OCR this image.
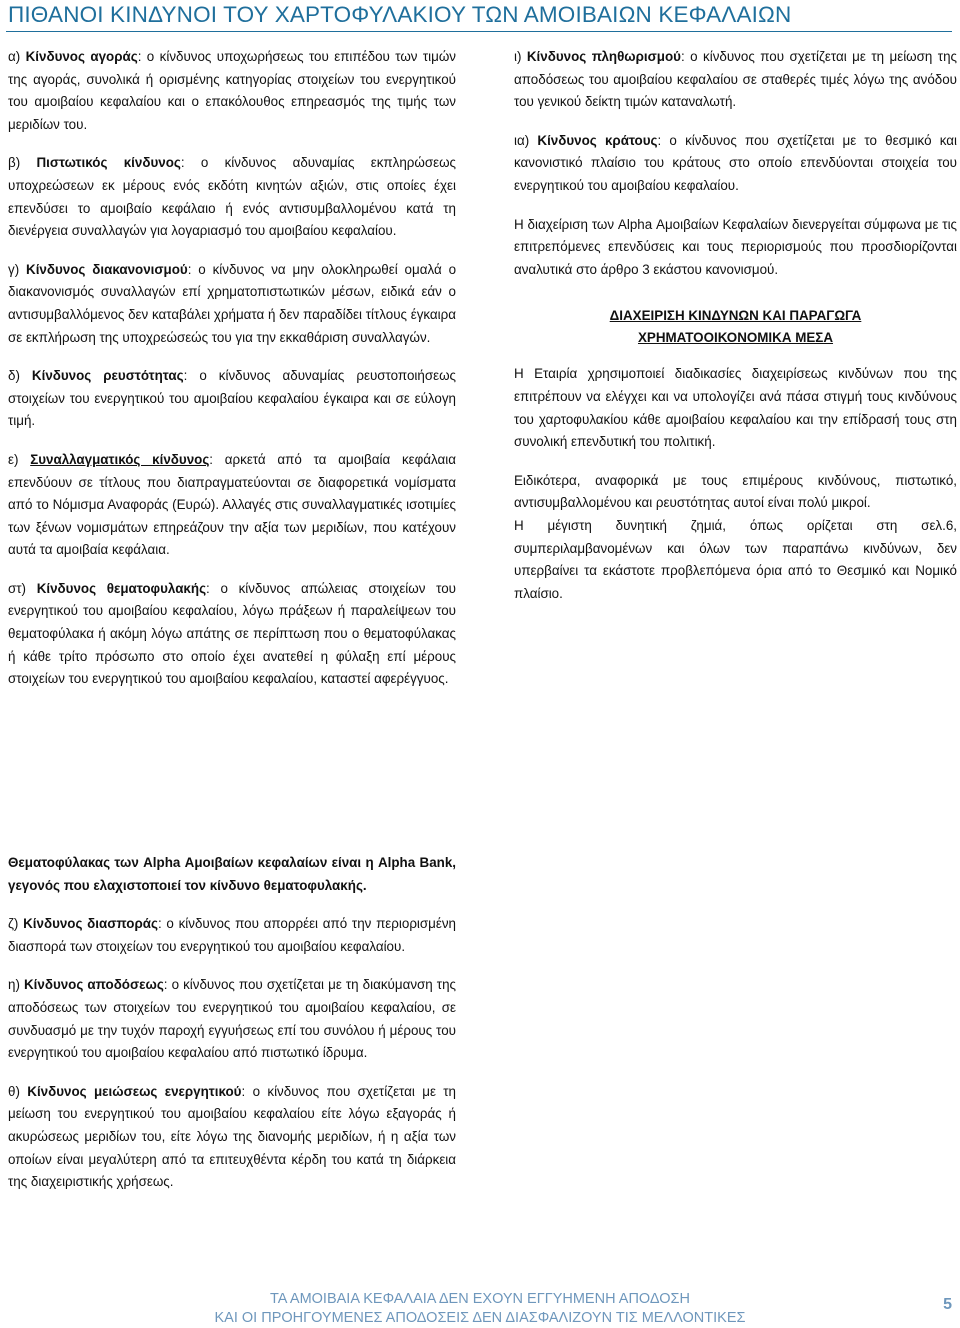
ΠΙΘΑΝΟΙ ΚΙΝΔΥΝΟΙ ΤΟΥ ΧΑΡΤΟΦΥΛΑΚΙΟΥ ΤΩΝ ΑΜΟΙΒΑΙΩΝ ΚΕΦΑΛΑΙΩΝ

α) Κίνδυνος αγοράς: ο κίνδυνος υποχωρήσεως του επιπέδου των τιμών της αγοράς, συνολικά ή ορισμένης κατηγορίας στοιχείων του ενεργητικού του αμοιβαίου κεφαλαίου και ο επακόλουθος επηρεασμός της τιμής των μεριδίων του.

β) Πιστωτικός κίνδυνος: ο κίνδυνος αδυναμίας εκπληρώσεως υποχρεώσεων εκ μέρους ενός εκδότη κινητών αξιών, στις οποίες έχει επενδύσει το αμοιβαίο κεφάλαιο ή ενός αντισυμβαλλομένου κατά τη διενέργεια συναλλαγών για λογαριασμό του αμοιβαίου κεφαλαίου.

γ) Κίνδυνος διακανονισμού: ο κίνδυνος να μην ολοκληρωθεί ομαλά ο διακανονισμός συναλλαγών επί χρηματοπιστωτικών μέσων, ειδικά εάν ο αντισυμβαλλόμενος δεν καταβάλει χρήματα ή δεν παραδίδει τίτλους έγκαιρα σε εκπλήρωση της υποχρεώσεώς του για την εκκαθάριση συναλλαγών.

δ) Κίνδυνος ρευστότητας: ο κίνδυνος αδυναμίας ρευστοποιήσεως στοιχείων του ενεργητικού του αμοιβαίου κεφαλαίου έγκαιρα και σε εύλογη τιμή.

ε) Συναλλαγματικός κίνδυνος: αρκετά από τα αμοιβαία κεφάλαια επενδύουν σε τίτλους που διαπραγματεύονται σε διαφορετικά νομίσματα από το Νόμισμα Αναφοράς (Ευρώ). Αλλαγές στις συναλλαγματικές ισοτιμίες των ξένων νομισμάτων επηρεάζουν την αξία των μεριδίων, που κατέχουν αυτά τα αμοιβαία κεφάλαια.

στ) Κίνδυνος θεματοφυλακής: ο κίνδυνος απώλειας στοιχείων του ενεργητικού του αμοιβαίου κεφαλαίου, λόγω πράξεων ή παραλείψεων του θεματοφύλακα ή ακόμη λόγω απάτης σε περίπτωση που ο θεματοφύλακας ή κάθε τρίτο πρόσωπο στο οποίο έχει ανατεθεί η φύλαξη επί μέρους στοιχείων του ενεργητικού του αμοιβαίου κεφαλαίου, καταστεί αφερέγγυος.

Θεματοφύλακας των Alpha Αμοιβαίων κεφαλαίων είναι η Alpha Bank, γεγονός που ελαχιστοποιεί τον κίνδυνο θεματοφυλακής.

ζ) Κίνδυνος διασποράς: ο κίνδυνος που απορρέει από την περιορισμένη διασπορά των στοιχείων του ενεργητικού του αμοιβαίου κεφαλαίου.

η) Κίνδυνος αποδόσεως: ο κίνδυνος που σχετίζεται με τη διακύμανση της αποδόσεως των στοιχείων του ενεργητικού του αμοιβαίου κεφαλαίου, σε συνδυασμό με την τυχόν παροχή εγγυήσεως επί του συνόλου ή μέρους του ενεργητικού του αμοιβαίου κεφαλαίου από πιστωτικό ίδρυμα.

θ) Κίνδυνος μειώσεως ενεργητικού: ο κίνδυνος που σχετίζεται με τη μείωση του ενεργητικού του αμοιβαίου κεφαλαίου είτε λόγω εξαγοράς ή ακυρώσεως μεριδίων του, είτε λόγω της διανομής μεριδίων, ή η αξία των οποίων είναι μεγαλύτερη από τα επιτευχθέντα κέρδη του κατά τη διάρκεια της διαχειριστικής χρήσεως.

ι) Κίνδυνος πληθωρισμού: ο κίνδυνος που σχετίζεται με τη μείωση της αποδόσεως του αμοιβαίου κεφαλαίου σε σταθερές τιμές λόγω της ανόδου του γενικού δείκτη τιμών καταναλωτή.

ια) Κίνδυνος κράτους: ο κίνδυνος που σχετίζεται με το θεσμικό και κανονιστικό πλαίσιο του κράτους στο οποίο επενδύονται στοιχεία του ενεργητικού του αμοιβαίου κεφαλαίου.

Η διαχείριση των Alpha Αμοιβαίων Κεφαλαίων διενεργείται σύμφωνα με τις επιτρεπόμενες επενδύσεις και τους περιορισμούς που προσδιορίζονται αναλυτικά στο άρθρο 3 εκάστου κανονισμού.

ΔΙΑΧΕΙΡΙΣΗ ΚΙΝΔΥΝΩΝ ΚΑΙ ΠΑΡΑΓΩΓΑ
ΧΡΗΜΑΤΟΟΙΚΟΝΟΜΙΚΑ ΜΕΣΑ

Η Εταιρία χρησιμοποιεί διαδικασίες διαχειρίσεως κινδύνων που της επιτρέπουν να ελέγχει και να υπολογίζει ανά πάσα στιγμή τους κινδύνους του χαρτοφυλακίου κάθε αμοιβαίου κεφαλαίου και την επίδρασή τους στη συνολική επενδυτική του πολιτική.

Ειδικότερα, αναφορικά με τους επιμέρους κινδύνους, πιστωτικό, αντισυμβαλλομένου και ρευστότητας αυτοί είναι πολύ μικροί.

Η μέγιστη δυνητική ζημιά, όπως ορίζεται στη σελ.6, συμπεριλαμβανομένων και όλων των παραπάνω κινδύνων, δεν υπερβαίνει τα εκάστοτε προβλεπόμενα όρια από το Θεσμικό και Νομικό πλαίσιο.

ΤΑ ΑΜΟΙΒΑΙΑ ΚΕΦΑΛΑΙΑ ΔΕΝ ΕΧΟΥΝ ΕΓΓΥΗΜΕΝΗ ΑΠΟΔΟΣΗ
ΚΑΙ ΟΙ ΠΡΟΗΓΟΥΜΕΝΕΣ ΑΠΟΔΟΣΕΙΣ ΔΕΝ ΔΙΑΣΦΑΛΙΖΟΥΝ ΤΙΣ ΜΕΛΛΟΝΤΙΚΕΣ
5
